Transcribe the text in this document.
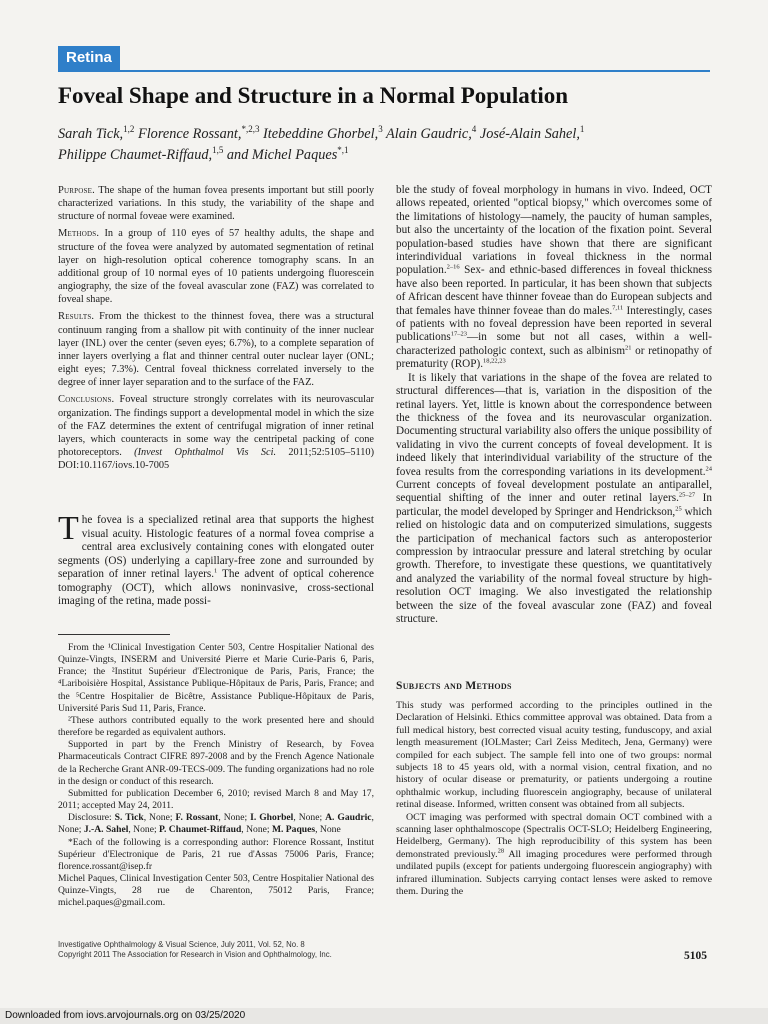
Retina
Foveal Shape and Structure in a Normal Population
Sarah Tick,$^{1,2}$ Florence Rossant,$^{*,2,3}$ Itebeddine Ghorbel,$^3$ Alain Gaudric,$^4$ José-Alain Sahel,$^1$
Philippe Chaumet-Riffaud,$^{1,5}$ and Michel Paques$^{*,1}$

Purpose. The shape of the human fovea presents important but still poorly characterized variations. In this study, the variability of the shape and structure of normal foveae were examined.

Methods. In a group of 110 eyes of 57 healthy adults, the shape and structure of the fovea were analyzed by automated segmentation of retinal layer on high-resolution optical coherence tomography scans. In an additional group of 10 normal eyes of 10 patients undergoing fluorescein angiography, the size of the foveal avascular zone (FAZ) was correlated to foveal shape.

Results. From the thickest to the thinnest fovea, there was a structural continuum ranging from a shallow pit with continuity of the inner nuclear layer (INL) over the center (seven eyes; 6.7%), to a complete separation of inner layers overlying a flat and thinner central outer nuclear layer (ONL; eight eyes; 7.3%). Central foveal thickness correlated inversely to the degree of inner layer separation and to the surface of the FAZ.

Conclusions. Foveal structure strongly correlates with its neurovascular organization. The findings support a developmental model in which the size of the FAZ determines the extent of centrifugal migration of inner retinal layers, which counteracts in some way the centripetal packing of cone photoreceptors. (Invest Ophthalmol Vis Sci. 2011;52:5105–5110) DOI:10.1167/iovs.10-7005

The fovea is a specialized retinal area that supports the highest visual acuity. Histologic features of a normal fovea comprise a central area exclusively containing cones with elongated outer segments (OS) underlying a capillary-free zone and surrounded by separation of inner retinal layers.$^1$ The advent of optical coherence tomography (OCT), which allows noninvasive, cross-sectional imaging of the retina, made possi-

From the ¹Clinical Investigation Center 503, Centre Hospitalier National des Quinze-Vingts, INSERM and Université Pierre et Marie Curie-Paris 6, Paris, France; the ²Institut Supérieur d'Electronique de Paris, Paris, France; the ⁴Lariboisière Hospital, Assistance Publique-Hôpitaux de Paris, Paris, France; and the ⁵Centre Hospitalier de Bicêtre, Assistance Publique-Hôpitaux de Paris, Université Paris Sud 11, Paris, France.

²These authors contributed equally to the work presented here and should therefore be regarded as equivalent authors.

Supported in part by the French Ministry of Research, by Fovea Pharmaceuticals Contract CIFRE 897-2008 and by the French Agence Nationale de la Recherche Grant ANR-09-TECS-009. The funding organizations had no role in the design or conduct of this research.

Submitted for publication December 6, 2010; revised March 8 and May 17, 2011; accepted May 24, 2011.

Disclosure: S. Tick, None; F. Rossant, None; I. Ghorbel, None; A. Gaudric, None; J.-A. Sahel, None; P. Chaumet-Riffaud, None; M. Paques, None

*Each of the following is a corresponding author: Florence Rossant, Institut Supérieur d'Electronique de Paris, 21 rue d'Assas 75006 Paris, France; florence.rossant@isep.fr

Michel Paques, Clinical Investigation Center 503, Centre Hospitalier National des Quinze-Vingts, 28 rue de Charenton, 75012 Paris, France; michel.paques@gmail.com.

ble the study of foveal morphology in humans in vivo. Indeed, OCT allows repeated, oriented "optical biopsy," which overcomes some of the limitations of histology—namely, the paucity of human samples, but also the uncertainty of the location of the fixation point. Several population-based studies have shown that there are significant interindividual variations in foveal thickness in the normal population.$^{2-16}$ Sex- and ethnic-based differences in foveal thickness have also been reported. In particular, it has been shown that subjects of African descent have thinner foveae than do European subjects and that females have thinner foveae than do males.$^{7,11}$ Interestingly, cases of patients with no foveal depression have been reported in several publications$^{17-23}$—in some but not all cases, within a well-characterized pathologic context, such as albinism$^{21}$ or retinopathy of prematurity (ROP).$^{18,22,23}$

It is likely that variations in the shape of the fovea are related to structural differences—that is, variation in the disposition of the retinal layers. Yet, little is known about the correspondence between the thickness of the fovea and its neurovascular organization. Documenting structural variability also offers the unique possibility of validating in vivo the current concepts of foveal development. It is indeed likely that interindividual variability of the structure of the fovea results from the corresponding variations in its development.$^{24}$ Current concepts of foveal development postulate an antiparallel, sequential shifting of the inner and outer retinal layers.$^{25-27}$ In particular, the model developed by Springer and Hendrickson,$^{25}$ which relied on histologic data and on computerized simulations, suggests the participation of mechanical factors such as anteroposterior compression by intraocular pressure and lateral stretching by ocular growth. Therefore, to investigate these questions, we quantitatively and analyzed the variability of the normal foveal structure by high-resolution OCT imaging. We also investigated the relationship between the size of the foveal avascular zone (FAZ) and foveal structure.

Subjects and Methods

This study was performed according to the principles outlined in the Declaration of Helsinki. Ethics committee approval was obtained. Data from a full medical history, best corrected visual acuity testing, funduscopy, and axial length measurement (IOLMaster; Carl Zeiss Meditech, Jena, Germany) were compiled for each subject. The sample fell into one of two groups: normal subjects 18 to 45 years old, with a normal vision, central fixation, and no history of ocular disease or prematurity, or patients undergoing a routine ophthalmic workup, including fluorescein angiography, because of unilateral retinal disease. Informed, written consent was obtained from all subjects.

OCT imaging was performed with spectral domain OCT combined with a scanning laser ophthalmoscope (Spectralis OCT-SLO; Heidelberg Engineering, Heidelberg, Germany). The high reproducibility of this system has been demonstrated previously.$^{28}$ All imaging procedures were performed through undilated pupils (except for patients undergoing fluorescein angiography) with infrared illumination. Subjects carrying contact lenses were asked to remove them. During the

Investigative Ophthalmology & Visual Science, July 2011, Vol. 52, No. 8
Copyright 2011 The Association for Research in Vision and Ophthalmology, Inc.	5105
Downloaded from iovs.arvojournals.org on 03/25/2020
